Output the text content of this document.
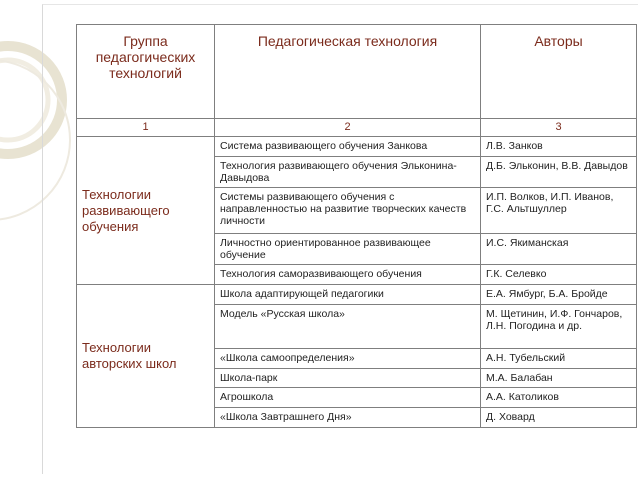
Группа педагогических технологий	Педагогическая технология	Авторы
1	2	3
Технологии развивающего обучения	Система развивающего обучения Занкова	Л.В. Занков
	Технология развивающего обучения Эльконина-Давыдова	Д.Б. Эльконин, В.В. Давыдов
	Системы развивающего обучения с направленностью на развитие творческих качеств личности	И.П. Волков, И.П. Иванов, Г.С. Альтшуллер
	Личностно ориентированное развивающее обучение	И.С. Якиманская
	Технология саморазвивающего обучения	Г.К. Селевко
Технологии авторских школ	Школа адаптирующей педагогики	Е.А. Ямбург, Б.А. Бройде
	Модель «Русская школа»	М. Щетинин, И.Ф. Гончаров, Л.Н. Погодина и др.
	«Школа самоопределения»	А.Н. Тубельский
	Школа-парк	М.А. Балабан
	Агрошкола	А.А. Католиков
	«Школа Завтрашнего Дня»	Д. Ховард
